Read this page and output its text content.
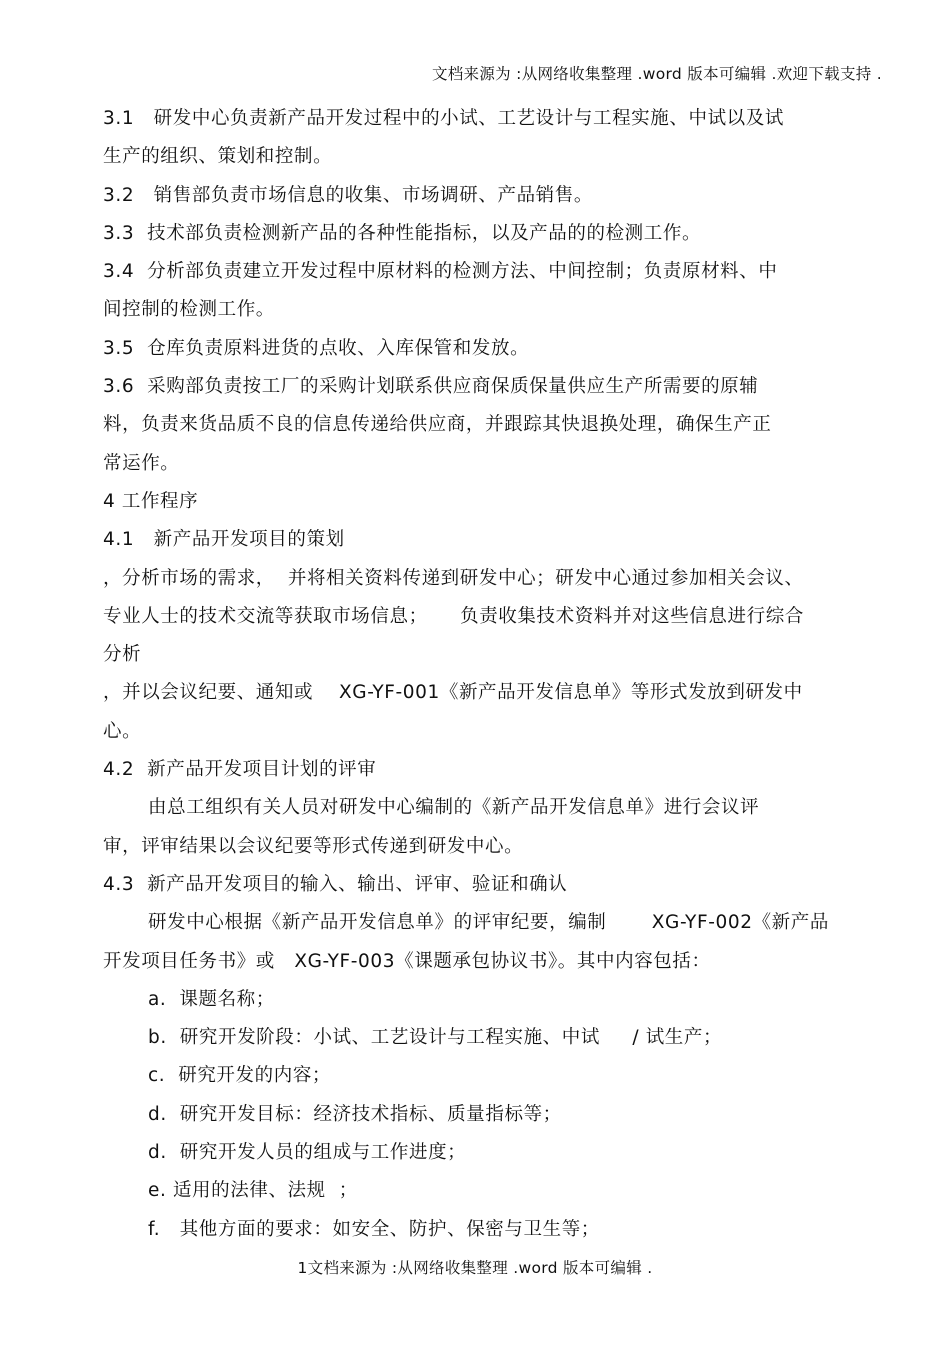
文档来源为 :从网络收集整理 .word 版本可编辑 .欢迎下载支持 .
3.1   研发中心负责新产品开发过程中的小试、工艺设计与工程实施、中试以及试
生产的组织、策划和控制。
3.2   销售部负责市场信息的收集、市场调研、产品销售。
3.3  技术部负责检测新产品的各种性能指标，以及产品的的检测工作。
3.4  分析部负责建立开发过程中原材料的检测方法、中间控制；负责原材料、中
间控制的检测工作。
3.5  仓库负责原料进货的点收、入库保管和发放。
3.6  采购部负责按工厂的采购计划联系供应商保质保量供应生产所需要的原辅
料，负责来货品质不良的信息传递给供应商，并跟踪其快退换处理，确保生产正
常运作。
4 工作程序
4.1   新产品开发项目的策划
，分析市场的需求，  并将相关资料传递到研发中心；研发中心通过参加相关会议、
专业人士的技术交流等获取市场信息；     负责收集技术资料并对这些信息进行综合
分析
，并以会议纪要、通知或    XG-YF-001《新产品开发信息单》等形式发放到研发中
心。
4.2  新产品开发项目计划的评审
由总工组织有关人员对研发中心编制的《新产品开发信息单》进行会议评
审，评审结果以会议纪要等形式传递到研发中心。
4.3  新产品开发项目的输入、输出、评审、验证和确认
研发中心根据《新产品开发信息单》的评审纪要，编制       XG-YF-002《新产品
开发项目任务书》或   XG-YF-003《课题承包协议书》。其中内容包括：
a.  课题名称；
b.  研究开发阶段：小试、工艺设计与工程实施、中试     / 试生产；
c.  研究开发的内容；
d.  研究开发目标：经济技术指标、质量指标等；
d.  研究开发人员的组成与工作进度；
e. 适用的法律、法规  ；
f.   其他方面的要求：如安全、防护、保密与卫生等；
1文档来源为 :从网络收集整理 .word 版本可编辑 .
